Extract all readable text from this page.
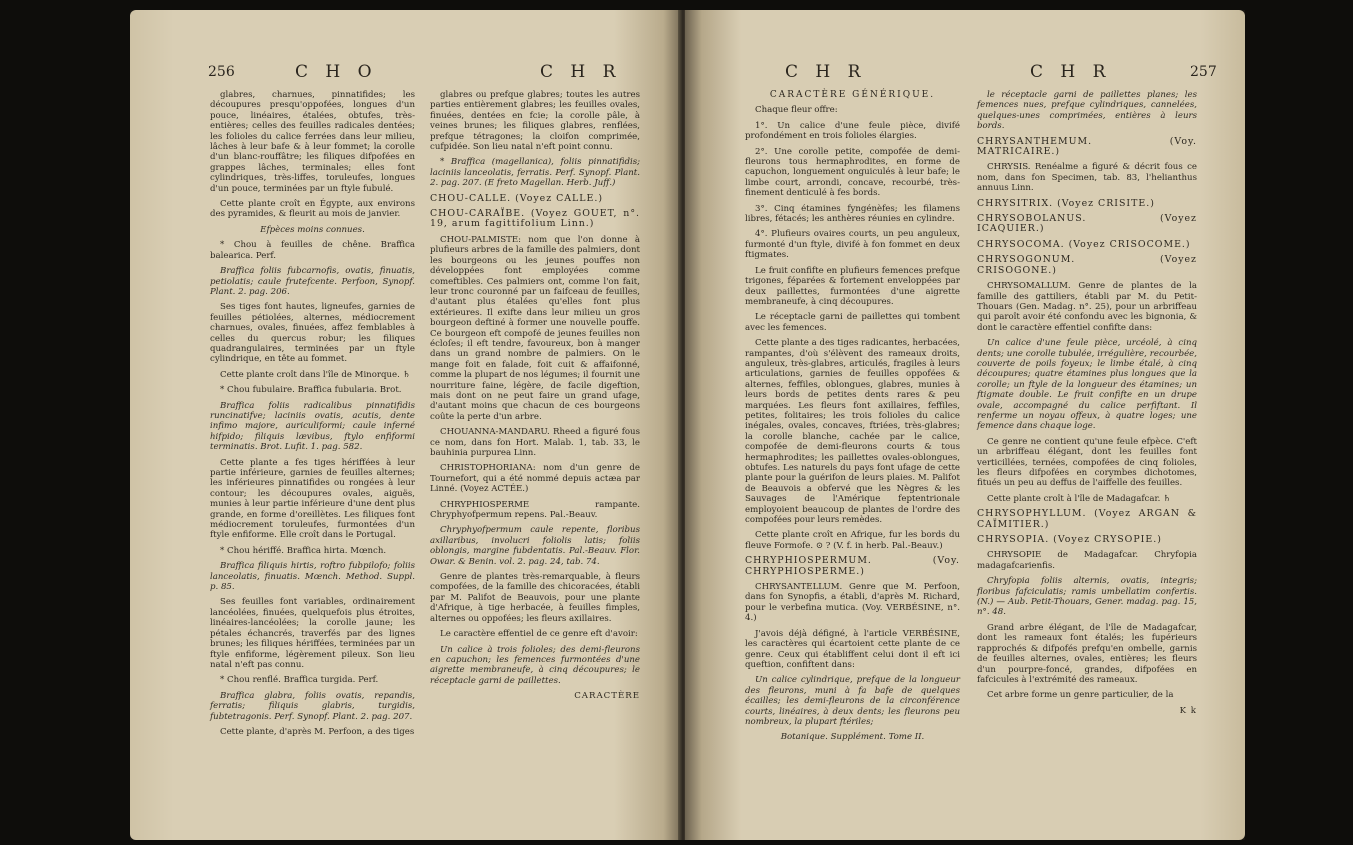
256	C H O	C H R

glabres, charnues, pinnatifides; les découpures presqu'oppofées, longues d'un pouce, linéaires, étalées, obtufes, très-entières; celles des feuilles radicales dentées; les folioles du calice ferrées dans leur milieu, lâches à leur bafe & à leur fommet; la corolle d'un blanc-rouffâtre; les filiques difpofées en grappes lâches, terminales; elles font cylindriques, très-liffes, toruleufes, longues d'un pouce, terminées par un ftyle fubulé.

Cette plante croît en Égypte, aux environs des pyramides, & fleurit au mois de janvier.

Efpèces moins connues.

* Chou à feuilles de chêne. Braffica balearica. Perf.

Braffica foliis fubcarnofis, ovatis, finuatis, petiolatis; caule frutefcente. Perfoon, Synopf. Plant. 2. pag. 206.

Ses tiges font hautes, ligneufes, garnies de feuilles pétiolées, alternes, médiocrement charnues, ovales, finuées, affez femblables à celles du quercus robur; les filiques quadrangulaires, terminées par un ftyle cylindrique, en tête au fommet.

Cette plante croît dans l'île de Minorque. ♄

* Chou fubulaire. Braffica fubularia. Brot.

Braffica foliis radicalibus pinnatifidis runcinatifve; laciniis ovatis, acutis, dente infimo majore, auriculiformi; caule inferné hifpido; filiquis lævibus, ftylo enfiformi terminatis. Brot. Lufit. 1. pag. 582.

Cette plante a fes tiges hériffées à leur partie inférieure, garnies de feuilles alternes; les inférieures pinnatifides ou rongées à leur contour; les découpures ovales, aiguës, munies à leur partie inférieure d'une dent plus grande, en forme d'oreillètes. Les filiques font médiocrement toruleufes, furmontées d'un ftyle enfiforme. Elle croît dans le Portugal.

* Chou hériffé. Braffica hirta. Mœnch.

Braffica filiquis hirtis, roftro fubpilofo; foliis lanceolatis, finuatis. Mœnch. Method. Suppl. p. 85.

Ses feuilles font variables, ordinairement lancéolées, finuées, quelquefois plus étroites, linéaires-lancéolées; la corolle jaune; les pétales échancrés, traverfés par des lignes brunes; les filiques hériffées, terminées par un ftyle enfiforme, légèrement pileux. Son lieu natal n'eft pas connu.

* Chou renflé. Braffica turgida. Perf.

Braffica glabra, foliis ovatis, repandis, ferratis; filiquis glabris, turgidis, fubtetragonis. Perf. Synopf. Plant. 2. pag. 207.

Cette plante, d'après M. Perfoon, a des tiges

glabres ou prefque glabres; toutes les autres parties entièrement glabres; les feuilles ovales, finuées, dentées en fcie; la corolle pâle, à veines brunes; les filiques glabres, renflées, prefque tétragones; la cloifon comprimée, cufpidée. Son lieu natal n'eft point connu.

* Braffica (magellanica), foliis pinnatifidis; laciniis lanceolatis, ferratis. Perf. Synopf. Plant. 2. pag. 207. (E freto Magellan. Herb. Juff.)

CHOU-CALLE. (Voyez CALLE.)

CHOU-CARAÏBE. (Voyez GOUET, n°. 19, arum fagittifolium Linn.)

CHOU-PALMISTE: nom que l'on donne à plufieurs arbres de la famille des palmiers, dont les bourgeons ou les jeunes pouffes non développées font employées comme comeftibles. Ces palmiers ont, comme l'on fait, leur tronc couronné par un faifceau de feuilles, d'autant plus étalées qu'elles font plus extérieures. Il exifte dans leur milieu un gros bourgeon deftiné à former une nouvelle pouffe. Ce bourgeon eft compofé de jeunes feuilles non écloſes; il eft tendre, favoureux, bon à manger dans un grand nombre de palmiers. On le mange foit en falade, foit cuit & affaifonné, comme la plupart de nos légumes; il fournit une nourriture faine, légère, de facile digeftion, mais dont on ne peut faire un grand ufage, d'autant moins que chacun de ces bourgeons coûte la perte d'un arbre.

CHOUANNA-MANDARU. Rheed a figuré fous ce nom, dans fon Hort. Malab. 1, tab. 33, le bauhinia purpurea Linn.

CHRISTOPHORIANA: nom d'un genre de Tournefort, qui a été nommé depuis actæa par Linné. (Voyez ACTÉE.)

CHRYPHIOSPERME rampante. Chryphyofpermum repens. Pal.-Beauv.

Chryphyofpermum caule repente, floribus axillaribus, involucri foliolis latis; foliis oblongis, margine fubdentatis. Pal.-Beauv. Flor. Owar. & Benin. vol. 2. pag. 24, tab. 74.

Genre de plantes très-remarquable, à fleurs compofées, de la famille des chicoracées, établi par M. Palifot de Beauvois, pour une plante d'Afrique, à tige herbacée, à feuilles fimples, alternes ou oppofées; les fleurs axillaires.

Le caractère effentiel de ce genre eft d'avoir:

Un calice à trois folioles; des demi-fleurons en capuchon; les femences furmontées d'une aigrette membraneufe, à cinq découpures; le réceptacle garni de paillettes.

CARACTÈRE

C H R	C H R	257

CARACTÈRE GÉNÉRIQUE.

Chaque fleur offre:

1°. Un calice d'une feule pièce, divifé profondément en trois folioles élargies.

2°. Une corolle petite, compofée de demi-fleurons tous hermaphrodites, en forme de capuchon, longuement onguiculés à leur bafe; le limbe court, arrondi, concave, recourbé, très-finement denticulé à fes bords.

3°. Cinq étamines fyngénèfes; les filamens libres, fétacés; les anthères réunies en cylindre.

4°. Plufieurs ovaires courts, un peu anguleux, furmonté d'un ftyle, divifé à fon fommet en deux ftigmates.

Le fruit confifte en plufieurs femences prefque trigones, féparées & fortement enveloppées par deux paillettes, furmontées d'une aigrette membraneufe, à cinq découpures.

Le réceptacle garni de paillettes qui tombent avec les femences.

Cette plante a des tiges radicantes, herbacées, rampantes, d'où s'élèvent des rameaux droits, anguleux, très-glabres, articulés, fragiles à leurs articulations, garnies de feuilles oppofées & alternes, feffiles, oblongues, glabres, munies à leurs bords de petites dents rares & peu marquées. Les fleurs font axillaires, feffiles, petites, folitaires; les trois folioles du calice inégales, ovales, concaves, ftriées, très-glabres; la corolle blanche, cachée par le calice, compofée de demi-fleurons courts & tous hermaphrodites; les paillettes ovales-oblongues, obtufes. Les naturels du pays font ufage de cette plante pour la guérifon de leurs plaies. M. Palifot de Beauvois a obfervé que les Nègres & les Sauvages de l'Amérique feptentrionale employoient beaucoup de plantes de l'ordre des compofées pour leurs remèdes.

Cette plante croît en Afrique, fur les bords du fleuve Formofe. ⊙ ? (V. f. in herb. Pal.-Beauv.)

CHRYPHIOSPERMUM. (Voy. CHRYPHIOSPERME.)

CHRYSANTELLUM. Genre que M. Perfoon, dans fon Synopfis, a établi, d'après M. Richard, pour le verbefina mutica. (Voy. VERBÉSINE, n°. 4.)

J'avois déjà défigné, à l'article VERBÉSINE, les caractères qui écartoient cette plante de ce genre. Ceux qui établiffent celui dont il eft ici queftion, confiftent dans:

Un calice cylindrique, prefque de la longueur des fleurons, muni à fa bafe de quelques écailles; les demi-fleurons de la circonférence courts, linéaires, à deux dents; les fleurons peu nombreux, la plupart ftériles;

Botanique. Supplément. Tome II.

le réceptacle garni de paillettes planes; les femences nues, prefque cylindriques, cannelées, quelques-unes comprimées, entières à leurs bords.

CHRYSANTHEMUM. (Voy. MATRICAIRE.)

CHRYSIS. Renéalme a figuré & décrit fous ce nom, dans fon Specimen, tab. 83, l'helianthus annuus Linn.

CHRYSITRIX. (Voyez CRISITE.)

CHRYSOBOLANUS. (Voyez ICAQUIER.)

CHRYSOCOMA. (Voyez CRISOCOME.)

CHRYSOGONUM. (Voyez CRISOGONE.)

CHRYSOMALLUM. Genre de plantes de la famille des gattiliers, établi par M. du Petit-Thouars (Gen. Madag. n°. 25), pour un arbriffeau qui paroît avoir été confondu avec les bignonia, & dont le caractère effentiel confifte dans:

Un calice d'une feule pièce, urcéolé, à cinq dents; une corolle tubulée, irrégulière, recourbée, couverte de poils foyeux; le limbe étalé, à cinq découpures; quatre étamines plus longues que la corolle; un ftyle de la longueur des étamines; un ftigmate double. Le fruit confifte en un drupe ovale, accompagné du calice perfiftant. Il renferme un noyau offeux, à quatre loges; une femence dans chaque loge.

Ce genre ne contient qu'une feule efpèce. C'eft un arbriffeau élégant, dont les feuilles font verticillées, ternées, compofées de cinq folioles, les fleurs difpofées en corymbes dichotomes, fitués un peu au deffus de l'aiffelle des feuilles.

Cette plante croît à l'île de Madagafcar. ♄

CHRYSOPHYLLUM. (Voyez ARGAN & CAÏMITIER.)

CHRYSOPIA. (Voyez CRYSOPIE.)

CHRYSOPIE de Madagafcar. Chryfopia madagafcarienfis.

Chryfopia foliis alternis, ovatis, integris; floribus fafciculatis; ramis umbellatim confertis. (N.) — Aub. Petit-Thouars, Gener. madag. pag. 15, n°. 48.

Grand arbre élégant, de l'île de Madagafcar, dont les rameaux font étalés; les fupérieurs rapprochés & difpofés prefqu'en ombelle, garnis de feuilles alternes, ovales, entières; les fleurs d'un pourpre-foncé, grandes, difpofées en fafcicules à l'extrémité des rameaux.

Cet arbre forme un genre particulier, de la

K k
